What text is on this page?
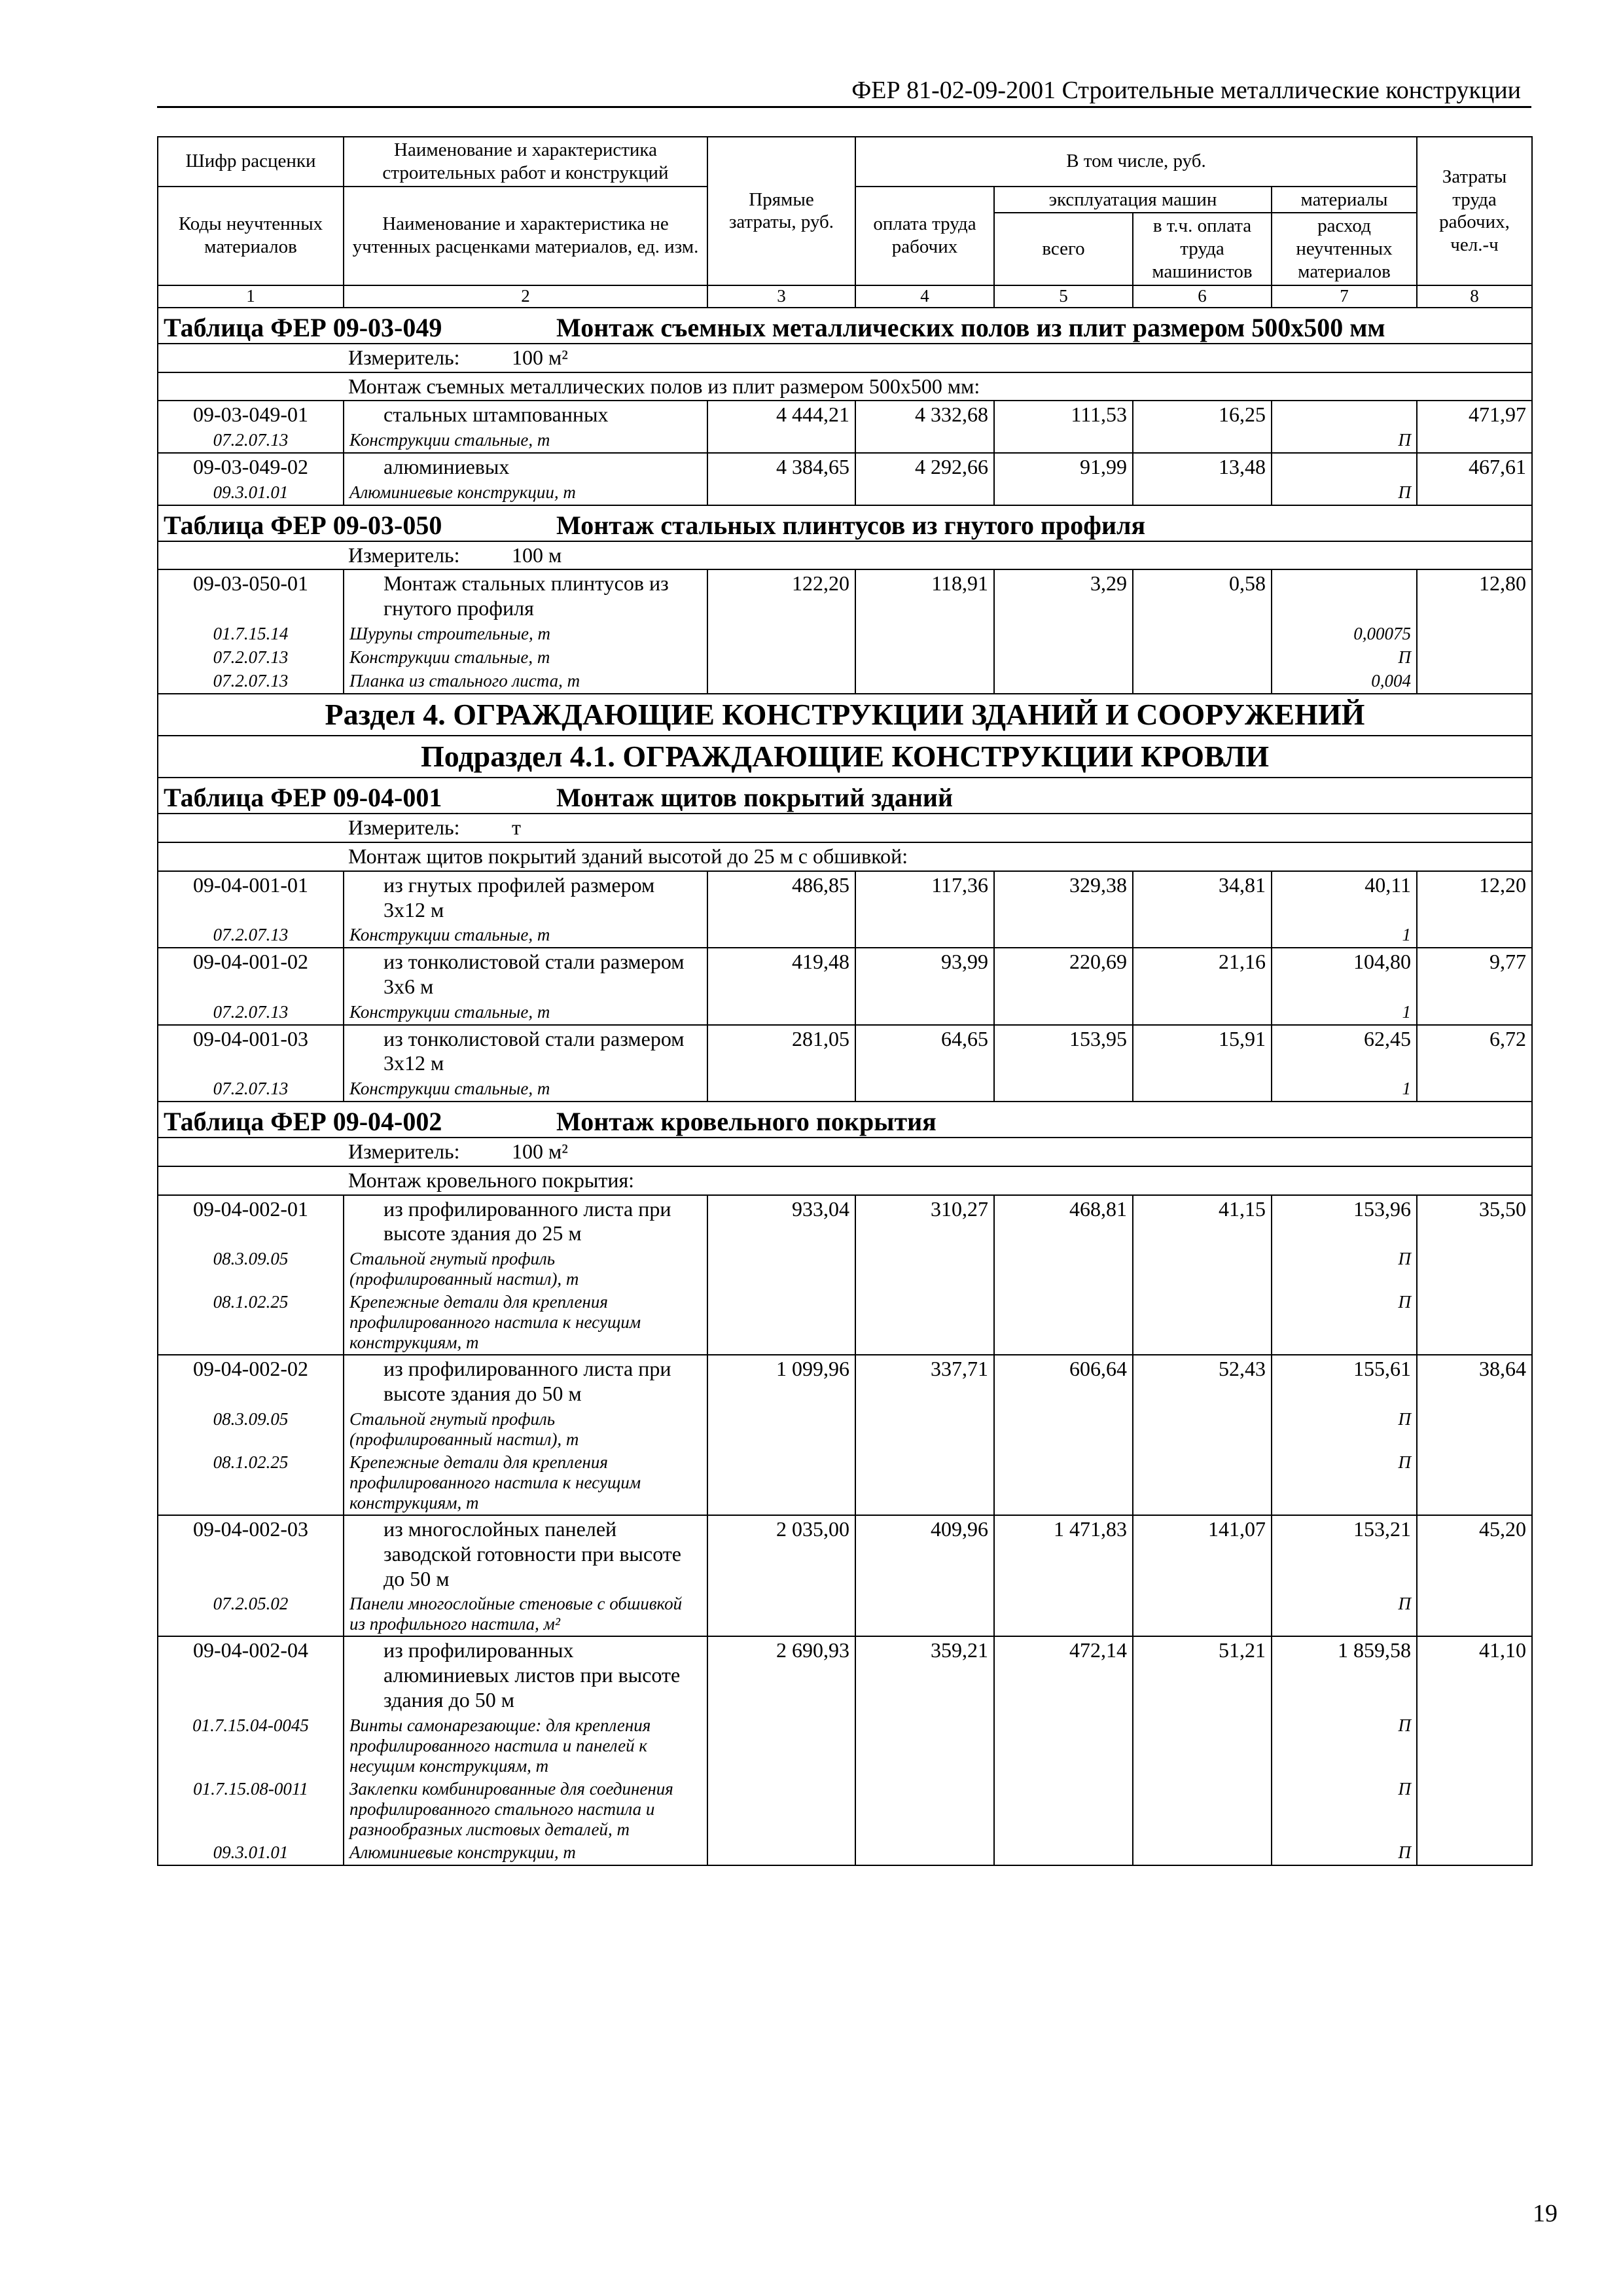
ФЕР 81-02-09-2001 Строительные металлические конструкции
Шифр расценки	Наименование и характеристика строительных работ и конструкций	Прямые затраты, руб.	В том числе, руб.				Затраты труда рабочих, чел.-ч
Коды неучтенных материалов	Наименование и характеристика не учтенных расценками материалов, ед. изм.		оплата труда рабочих	эксплуатация машин		материалы	
				всего	в т.ч. оплата труда машинистов	расход неучтенных материалов	
1	2	3	4	5	6	7	8
Таблица ФЕР 09-03-049 Монтаж съемных металлических полов из плит размером 500х500 мм							
Измеритель: 100 м²							
Монтаж съемных металлических полов из плит размером 500х500 мм:							
09-03-049-01	стальных штампованных	4 444,21	4 332,68	111,53	16,25		471,97
07.2.07.13	Конструкции стальные, т					П	
09-03-049-02	алюминиевых	4 384,65	4 292,66	91,99	13,48		467,61
09.3.01.01	Алюминиевые конструкции, т					П	
Таблица ФЕР 09-03-050 Монтаж стальных плинтусов из гнутого профиля							
Измеритель: 100 м							
09-03-050-01	Монтаж стальных плинтусов из гнутого профиля	122,20	118,91	3,29	0,58		12,80
01.7.15.14	Шурупы строительные, т					0,00075	
07.2.07.13	Конструкции стальные, т					П	
07.2.07.13	Планка из стального листа, т					0,004	
Раздел 4. ОГРАЖДАЮЩИЕ КОНСТРУКЦИИ ЗДАНИЙ И СООРУЖЕНИЙ							
Подраздел 4.1. ОГРАЖДАЮЩИЕ КОНСТРУКЦИИ КРОВЛИ							
Таблица ФЕР 09-04-001 Монтаж щитов покрытий зданий							
Измеритель: т							
Монтаж щитов покрытий зданий высотой до 25 м с обшивкой:							
09-04-001-01	из гнутых профилей размером 3х12 м	486,85	117,36	329,38	34,81	40,11	12,20
07.2.07.13	Конструкции стальные, т					1	
09-04-001-02	из тонколистовой стали размером 3х6 м	419,48	93,99	220,69	21,16	104,80	9,77
07.2.07.13	Конструкции стальные, т					1	
09-04-001-03	из тонколистовой стали размером 3х12 м	281,05	64,65	153,95	15,91	62,45	6,72
07.2.07.13	Конструкции стальные, т					1	
Таблица ФЕР 09-04-002 Монтаж кровельного покрытия							
Измеритель: 100 м²							
Монтаж кровельного покрытия:							
09-04-002-01	из профилированного листа при высоте здания до 25 м	933,04	310,27	468,81	41,15	153,96	35,50
08.3.09.05	Стальной гнутый профиль (профилированный настил), т					П	
08.1.02.25	Крепежные детали для крепления профилированного настила к несущим конструкциям, т					П	
09-04-002-02	из профилированного листа при высоте здания до 50 м	1 099,96	337,71	606,64	52,43	155,61	38,64
08.3.09.05	Стальной гнутый профиль (профилированный настил), т					П	
08.1.02.25	Крепежные детали для крепления профилированного настила к несущим конструкциям, т					П	
09-04-002-03	из многослойных панелей заводской готовности при высоте до 50 м	2 035,00	409,96	1 471,83	141,07	153,21	45,20
07.2.05.02	Панели многослойные стеновые с обшивкой из профильного настила, м²					П	
09-04-002-04	из профилированных алюминиевых листов при высоте здания до 50 м	2 690,93	359,21	472,14	51,21	1 859,58	41,10
01.7.15.04-0045	Винты самонарезающие: для крепления профилированного настила и панелей к несущим конструкциям, т					П	
01.7.15.08-0011	Заклепки комбинированные для соединения профилированного стального настила и разнообразных листовых деталей, т					П	
09.3.01.01	Алюминиевые конструкции, т					П	
19
